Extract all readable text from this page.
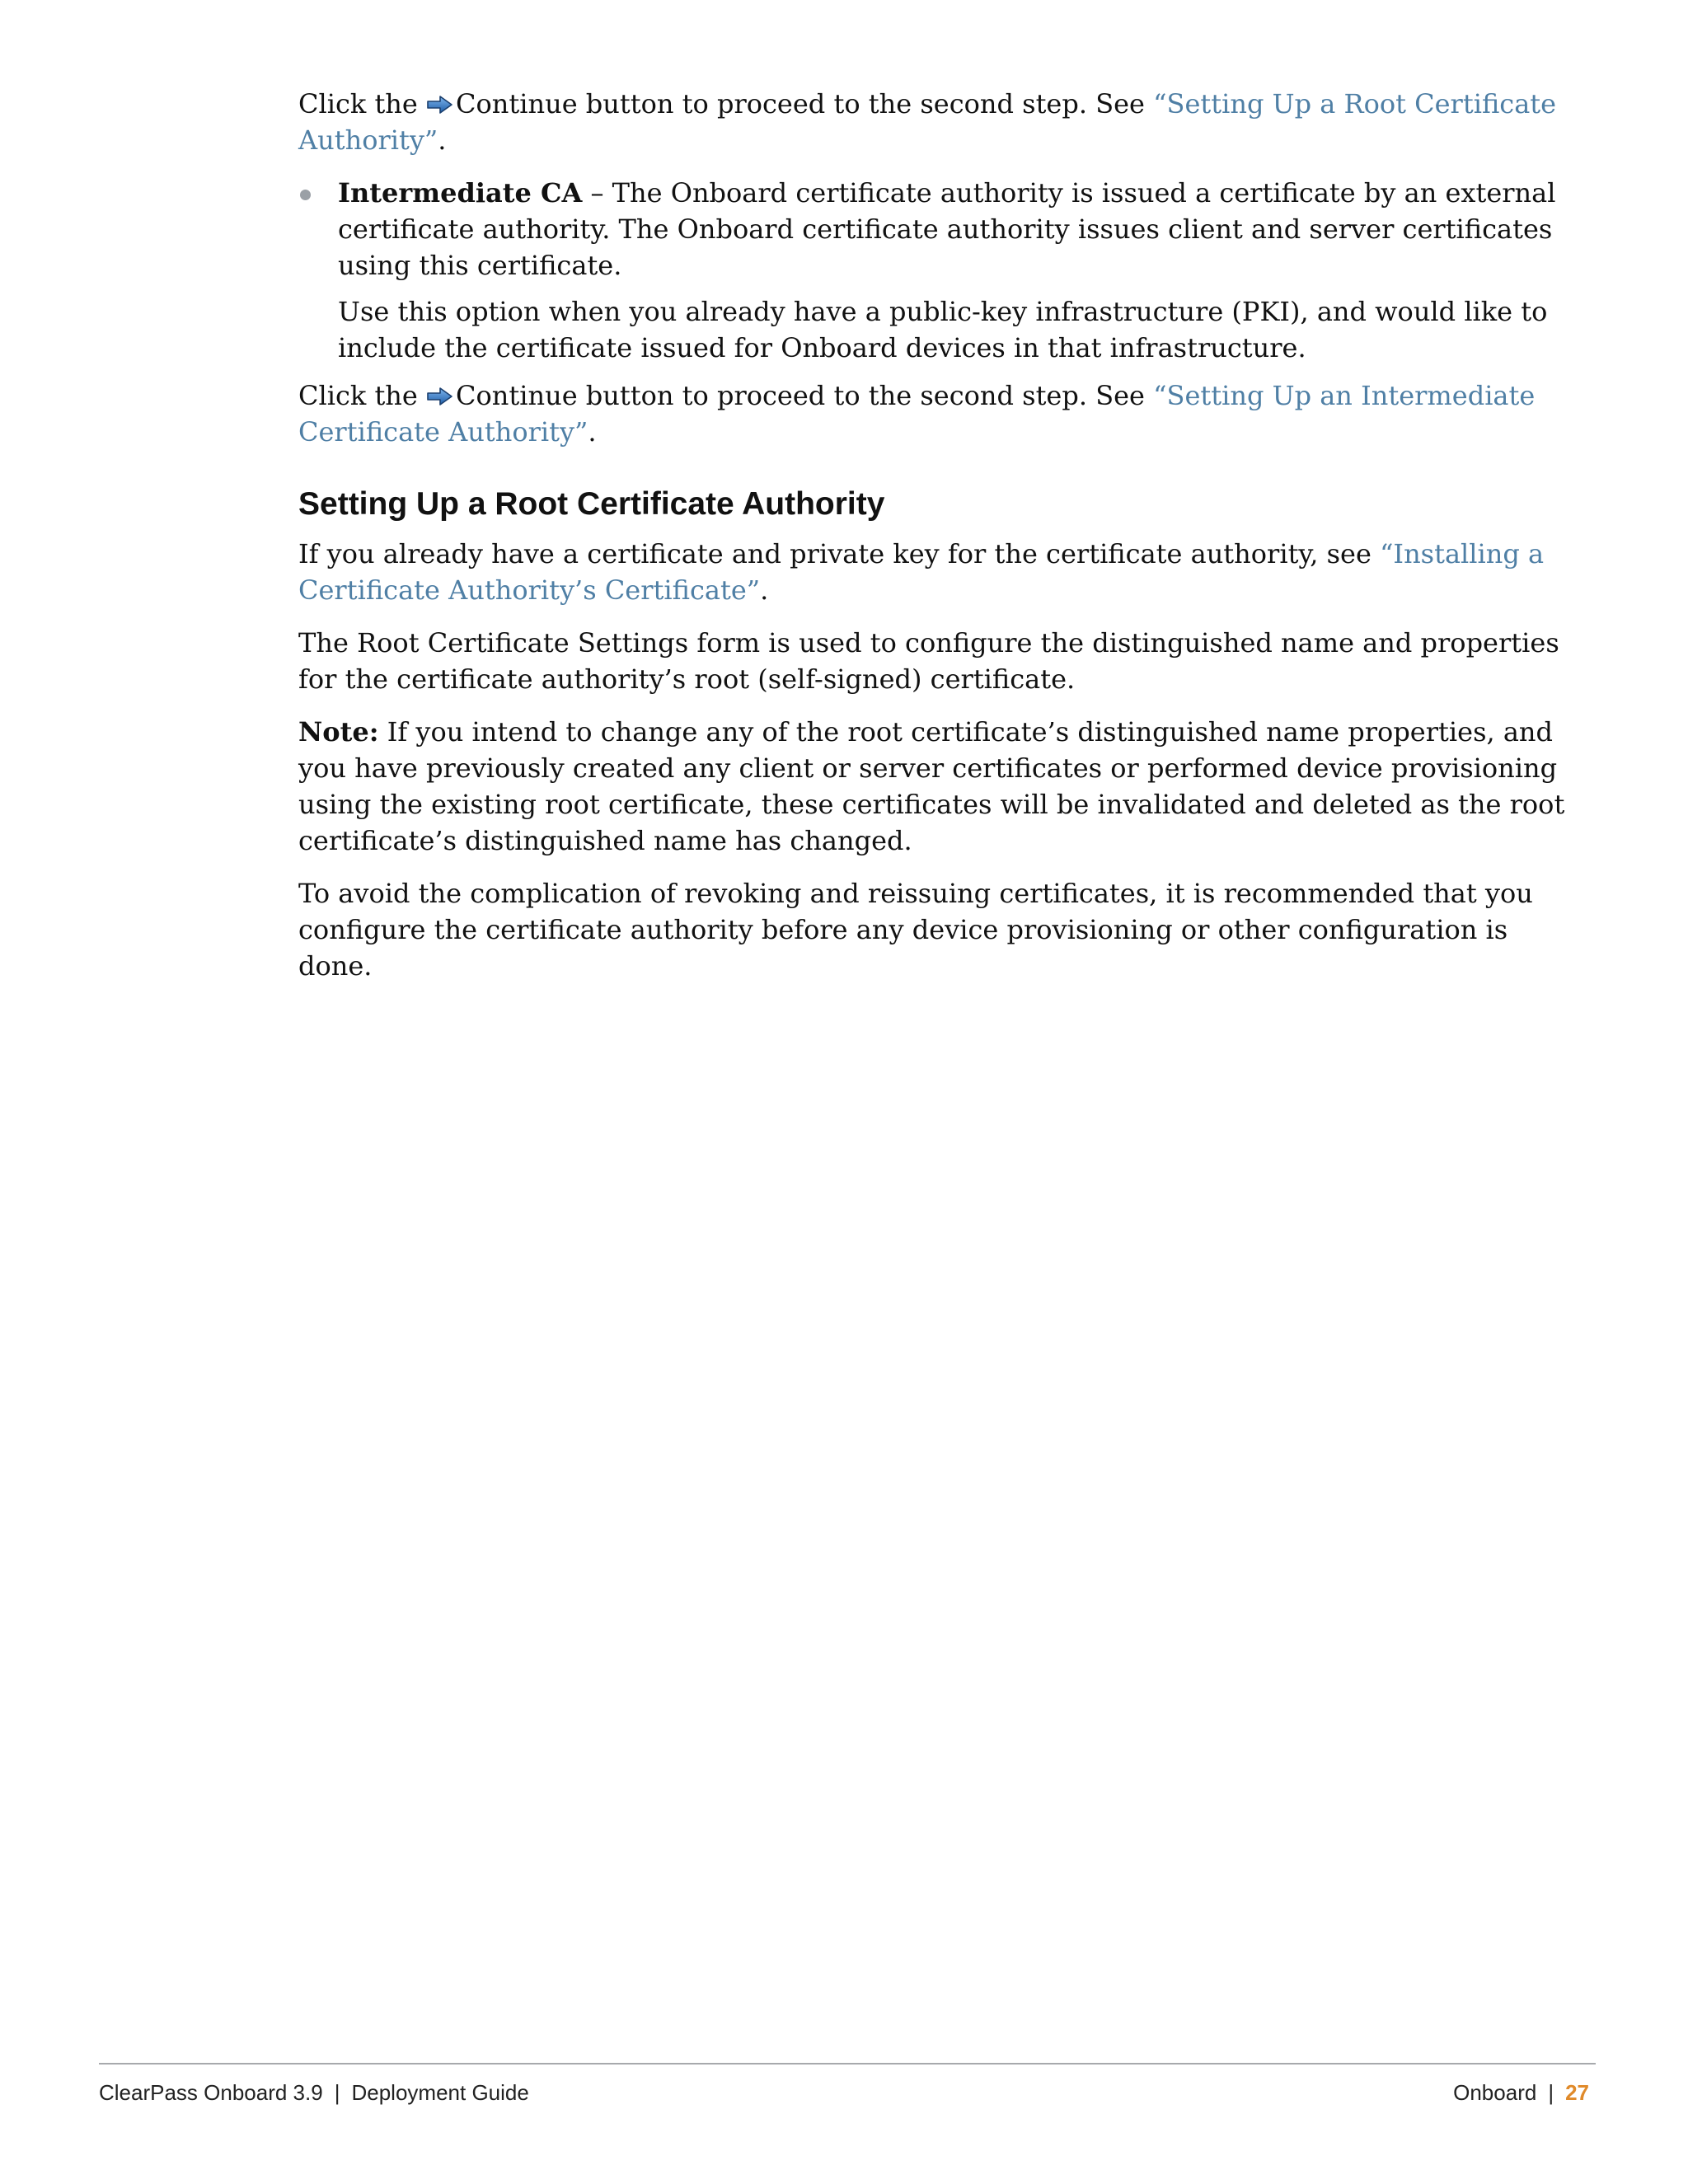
Click the Continue button to proceed to the second step. See “Setting Up a Root Certificate Authority”.

Intermediate CA – The Onboard certificate authority is issued a certificate by an external certificate authority. The Onboard certificate authority issues client and server certificates using this certificate.

Use this option when you already have a public-key infrastructure (PKI), and would like to include the certificate issued for Onboard devices in that infrastructure.

Click the Continue button to proceed to the second step. See “Setting Up an Intermediate Certificate Authority”.

Setting Up a Root Certificate Authority

If you already have a certificate and private key for the certificate authority, see “Installing a Certificate Authority’s Certificate”.

The Root Certificate Settings form is used to configure the distinguished name and properties for the certificate authority’s root (self-signed) certificate.

Note: If you intend to change any of the root certificate’s distinguished name properties, and you have previously created any client or server certificates or performed device provisioning using the existing root certificate, these certificates will be invalidated and deleted as the root certificate’s distinguished name has changed.

To avoid the complication of revoking and reissuing certificates, it is recommended that you configure the certificate authority before any device provisioning or other configuration is done.

ClearPass Onboard 3.9 | Deployment Guide	Onboard | 27
